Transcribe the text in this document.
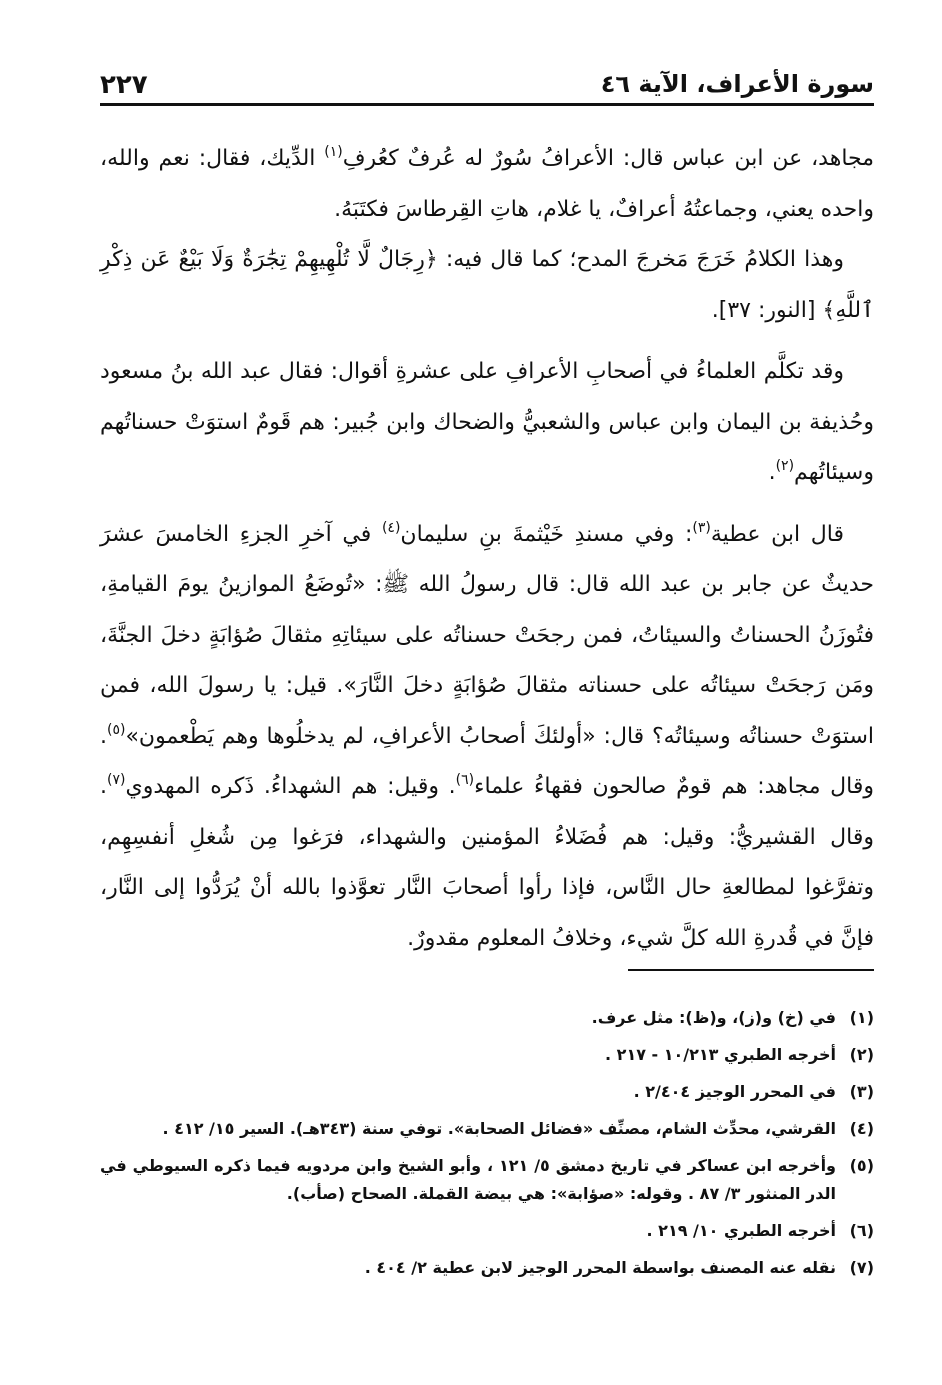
سورة الأعراف، الآية ٤٦
٢٢٧

مجاهد، عن ابن عباس قال: الأعرافُ سُورٌ له عُرفٌ كعُرفِ$^{(١)}$ الدِّيك، فقال: نعم والله، واحده يعني، وجماعتُهُ أعرافٌ، يا غلام، هاتِ القِرطاسَ فكتَبَهُ.

وهذا الكلامُ خَرَجَ مَخرجَ المدح؛ كما قال فيه: ﴿رِجَالٌ لَّا تُلْهِيهِمْ تِجَٰرَةٌ وَلَا بَيْعٌ عَن ذِكْرِ ٱللَّهِ﴾ [النور: ٣٧].

وقد تكلَّم العلماءُ في أصحابِ الأعرافِ على عشرةِ أقوال: فقال عبد الله بنُ مسعود وحُذيفة بن اليمان وابن عباس والشعبيُّ والضحاك وابن جُبير: هم قَومٌ استوَتْ حسناتُهم وسيئاتُهم$^{(٢)}$.

قال ابن عطية$^{(٣)}$: وفي مسندِ خَيْثمةَ بنِ سليمان$^{(٤)}$ في آخرِ الجزءِ الخامسَ عشرَ حديثٌ عن جابر بن عبد الله قال: قال رسولُ الله ﷺ: «تُوضَعُ الموازينُ يومَ القيامةِ، فتُوزَنُ الحسناتُ والسيئاتُ، فمن رجحَتْ حسناتُه على سيئاتِهِ مثقالَ صُؤابَةٍ دخلَ الجنَّةَ، ومَن رَجحَتْ سيئاتُه على حسناته مثقالَ صُؤابَةٍ دخلَ النَّارَ». قيل: يا رسولَ الله، فمن استوَتْ حسناتُه وسيئاتُه؟ قال: «أولئكَ أصحابُ الأعرافِ، لم يدخلُوها وهم يَطْعمون»$^{(٥)}$. وقال مجاهد: هم قومٌ صالحون فقهاءُ علماء$^{(٦)}$. وقيل: هم الشهداءُ. ذَكره المهدوي$^{(٧)}$. وقال القشيريُّ: وقيل: هم فُضَلاءُ المؤمنين والشهداء، فرَغوا مِن شُغلِ أنفسِهِم، وتفرَّغوا لمطالعةِ حال النَّاس، فإذا رأوا أصحابَ النَّار تعوَّذوا بالله أنْ يُرَدُّوا إلى النَّار، فإنَّ في قُدرةِ الله كلَّ شيء، وخلافُ المعلوم مقدورٌ.

(١)
في (خ) و(ز)، و(ظ): مثل عرف.
(٢)
أخرجه الطبري ١٠/٢١٣ - ٢١٧ .
(٣)
في المحرر الوجيز ٢/٤٠٤ .
(٤)
القرشي، محدِّث الشام، مصنِّف «فضائل الصحابة». توفي سنة (٣٤٣هـ). السير ١٥/ ٤١٢ .
(٥)
وأخرجه ابن عساكر في تاريخ دمشق ٥/ ١٢١ ، وأبو الشيخ وابن مردويه فيما ذكره السيوطي في الدر المنثور ٣/ ٨٧ . وقوله: «صؤابة»: هي بيضة القملة. الصحاح (صأب).
(٦)
أخرجه الطبري ١٠/ ٢١٩ .
(٧)
نقله عنه المصنف بواسطة المحرر الوجيز لابن عطية ٢/ ٤٠٤ .
